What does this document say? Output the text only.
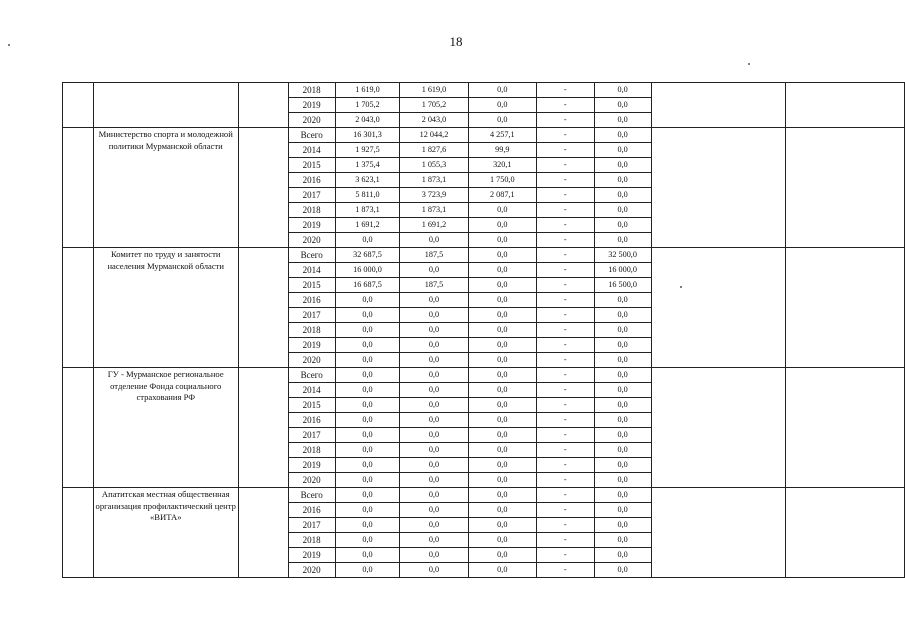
18
			2018	1 619,0	1 619,0	0,0	-	0,0		
			2019	1 705,2	1 705,2	0,0	-	0,0		
			2020	2 043,0	2 043,0	0,0	-	0,0		
	Министерство спорта и молодежной политики Мурманской области		Всего	16 301,3	12 044,2	4 257,1	-	0,0		
			2014	1 927,5	1 827,6	99,9	-	0,0		
			2015	1 375,4	1 055,3	320,1	-	0,0		
			2016	3 623,1	1 873,1	1 750,0	-	0,0		
			2017	5 811,0	3 723,9	2 087,1	-	0,0		
			2018	1 873,1	1 873,1	0,0	-	0,0		
			2019	1 691,2	1 691,2	0,0	-	0,0		
			2020	0,0	0,0	0,0	-	0,0		
	Комитет по труду и занятости населения Мурманской области		Всего	32 687,5	187,5	0,0	-	32 500,0		
			2014	16 000,0	0,0	0,0	-	16 000,0		
			2015	16 687,5	187,5	0,0	-	16 500,0		
			2016	0,0	0,0	0,0	-	0,0		
			2017	0,0	0,0	0,0	-	0,0		
			2018	0,0	0,0	0,0	-	0,0		
			2019	0,0	0,0	0,0	-	0,0		
			2020	0,0	0,0	0,0	-	0,0		
	ГУ - Мурманское региональное отделение Фонда социального страхования РФ		Всего	0,0	0,0	0,0	-	0,0		
			2014	0,0	0,0	0,0	-	0,0		
			2015	0,0	0,0	0,0	-	0,0		
			2016	0,0	0,0	0,0	-	0,0		
			2017	0,0	0,0	0,0	-	0,0		
			2018	0,0	0,0	0,0	-	0,0		
			2019	0,0	0,0	0,0	-	0,0		
			2020	0,0	0,0	0,0	-	0,0		
	Апатитская местная общественная организация профилактический центр «ВИТА»		Всего	0,0	0,0	0,0	-	0,0		
			2016	0,0	0,0	0,0	-	0,0		
			2017	0,0	0,0	0,0	-	0,0		
			2018	0,0	0,0	0,0	-	0,0		
			2019	0,0	0,0	0,0	-	0,0		
			2020	0,0	0,0	0,0	-	0,0		
